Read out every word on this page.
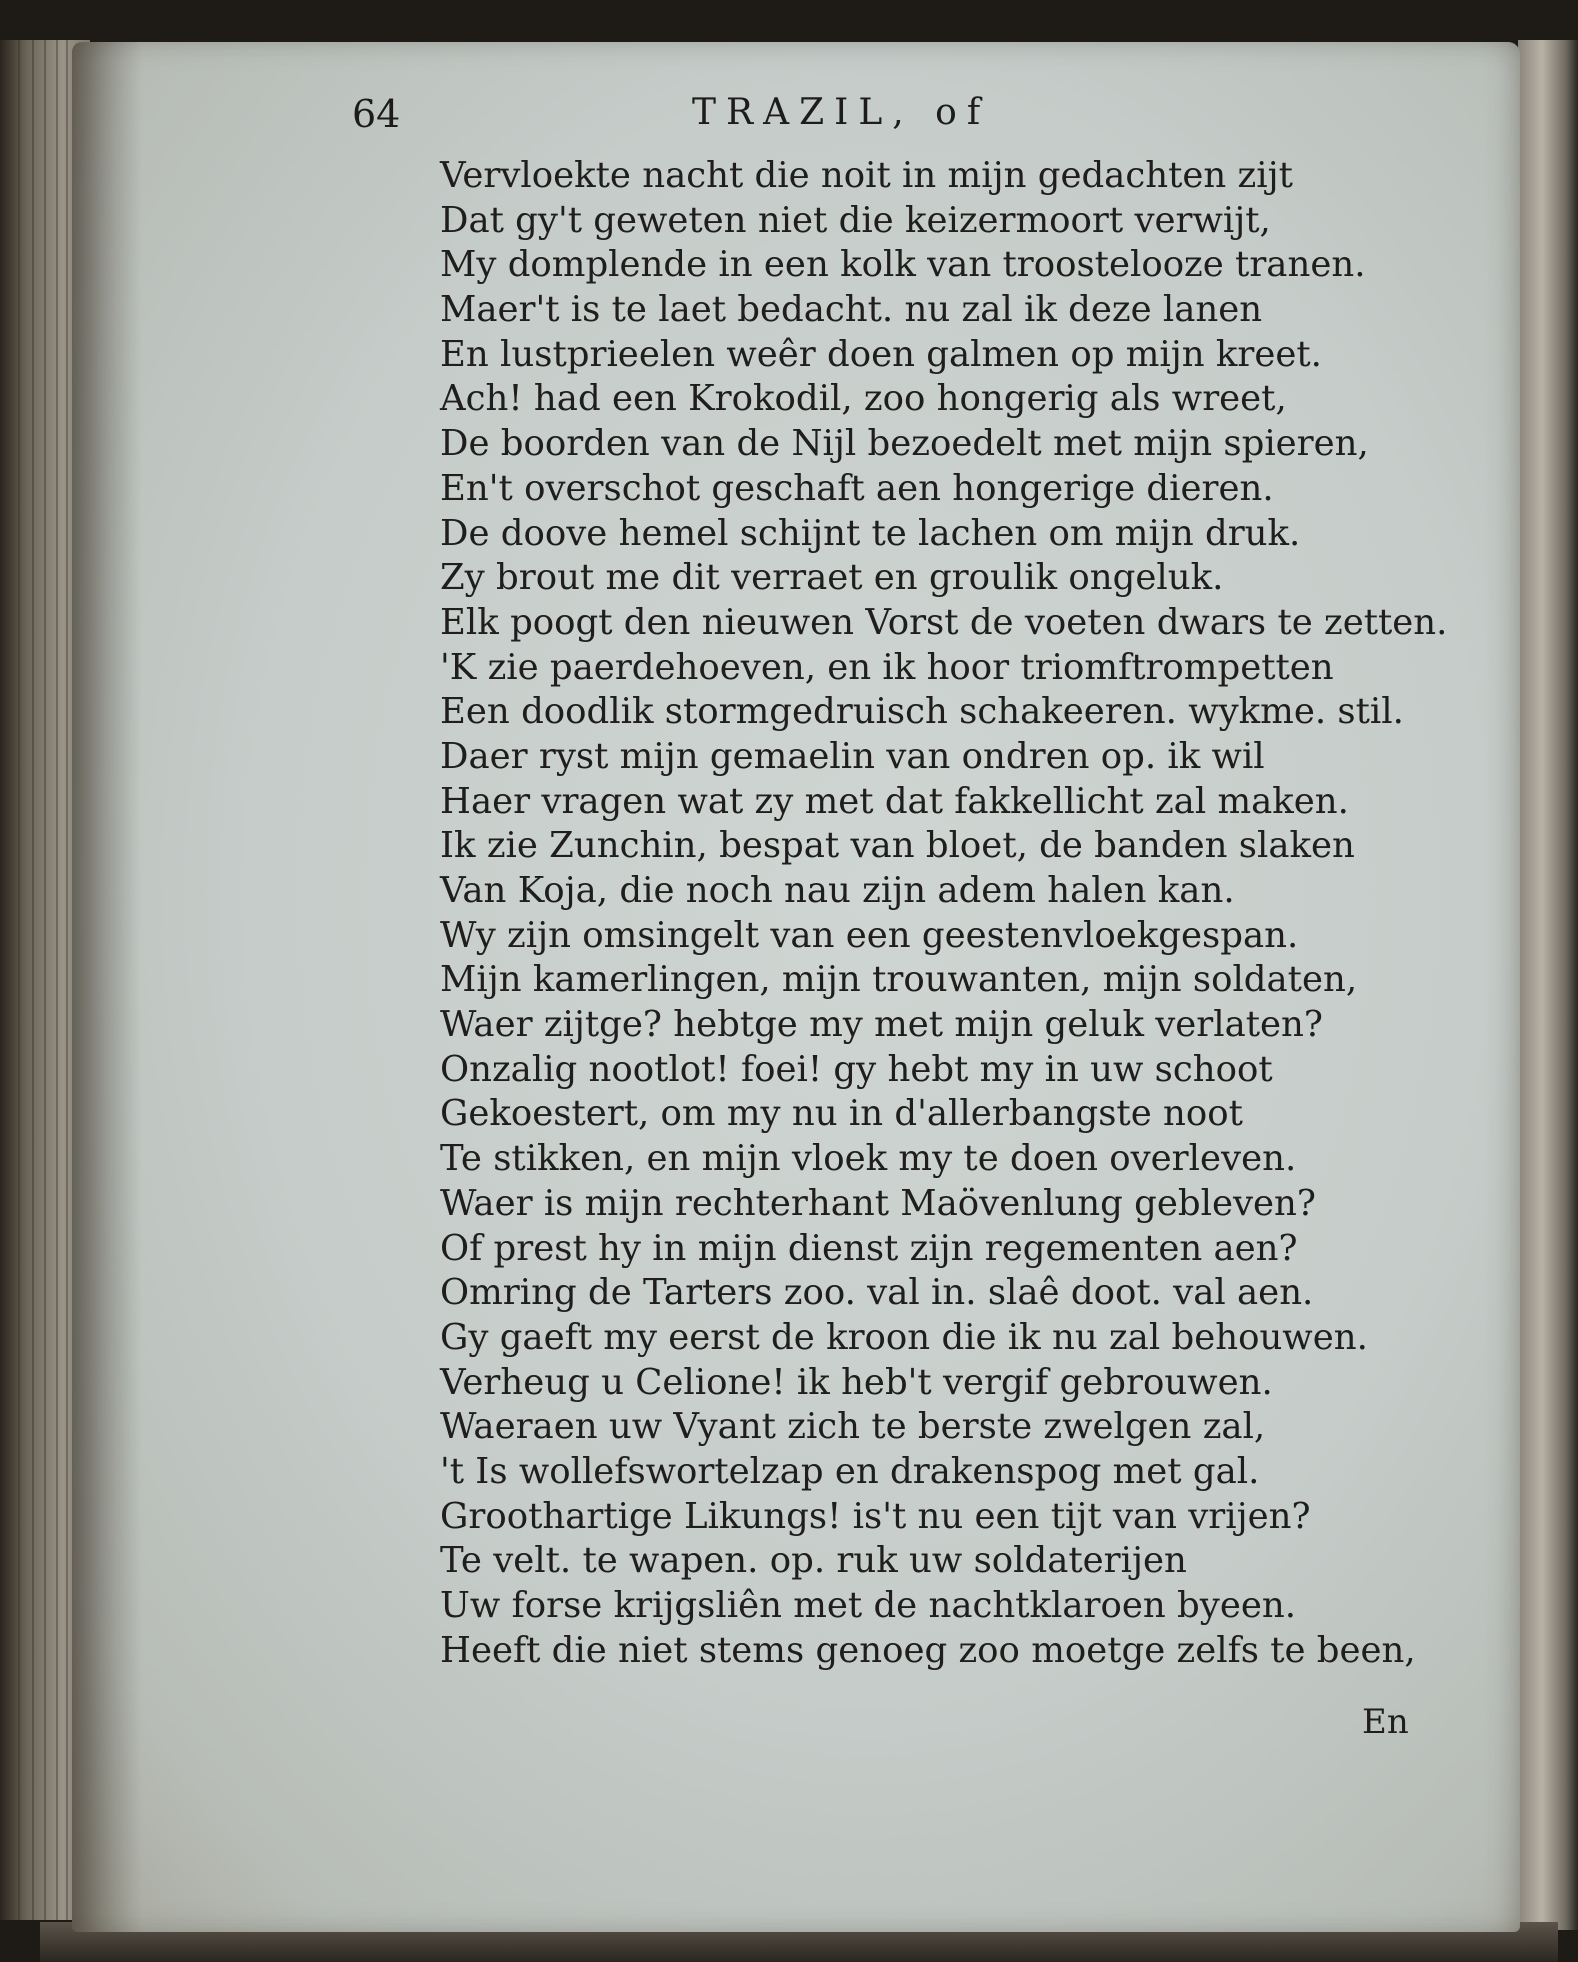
64	TRAZIL, of
Vervloekte nacht die noit in mijn gedachten zijt
Dat gy't geweten niet die keizermoort verwijt,
My domplende in een kolk van troostelooze tranen.
Maer't is te laet bedacht. nu zal ik deze lanen
En lustprieelen weêr doen galmen op mijn kreet.
Ach! had een Krokodil, zoo hongerig als wreet,
De boorden van de Nijl bezoedelt met mijn spieren,
En't overschot geschaft aen hongerige dieren.
De doove hemel schijnt te lachen om mijn druk.
Zy brout me dit verraet en groulik ongeluk.
Elk poogt den nieuwen Vorst de voeten dwars te zetten.
'K zie paerdehoeven, en ik hoor triomftrompetten
Een doodlik stormgedruisch schakeeren. wykme. stil.
Daer ryst mijn gemaelin van ondren op. ik wil
Haer vragen wat zy met dat fakkellicht zal maken.
Ik zie Zunchin, bespat van bloet, de banden slaken
Van Koja, die noch nau zijn adem halen kan.
Wy zijn omsingelt van een geestenvloekgespan.
Mijn kamerlingen, mijn trouwanten, mijn soldaten,
Waer zijtge? hebtge my met mijn geluk verlaten?
Onzalig nootlot! foei! gy hebt my in uw schoot
Gekoestert, om my nu in d'allerbangste noot
Te stikken, en mijn vloek my te doen overleven.
Waer is mijn rechterhant Maövenlung gebleven?
Of prest hy in mijn dienst zijn regementen aen?
Omring de Tarters zoo. val in. slaê doot. val aen.
Gy gaeft my eerst de kroon die ik nu zal behouwen.
Verheug u Celione! ik heb't vergif gebrouwen.
Waeraen uw Vyant zich te berste zwelgen zal,
't Is wollefswortelzap en drakenspog met gal.
Groothartige Likungs! is't nu een tijt van vrijen?
Te velt. te wapen. op. ruk uw soldaterijen
Uw forse krijgsliên met de nachtklaroen byeen.
Heeft die niet stems genoeg zoo moetge zelfs te been,
En
